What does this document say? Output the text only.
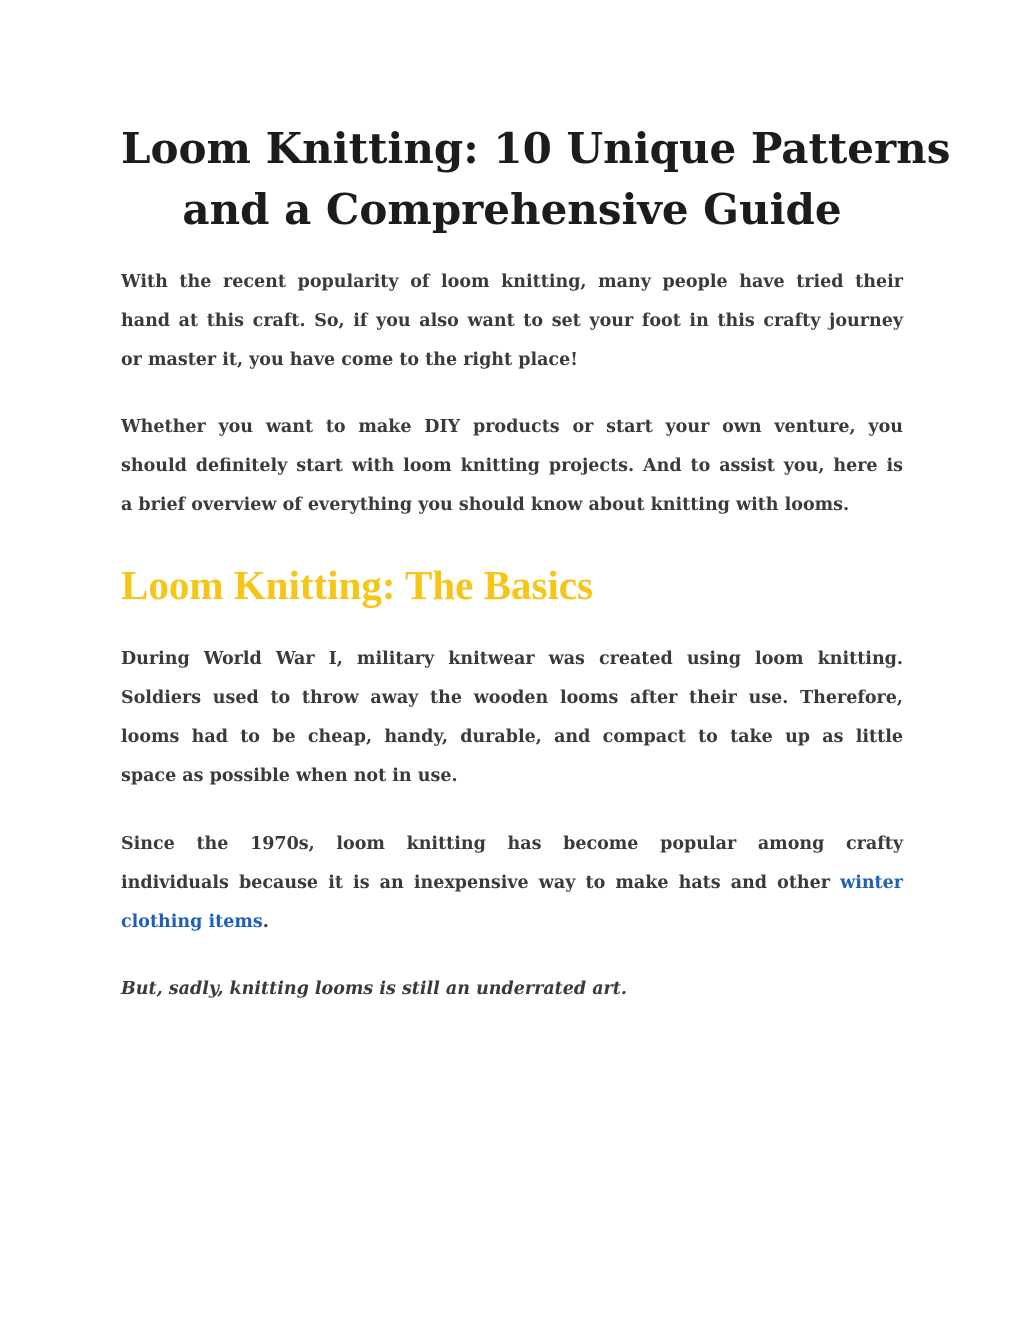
Loom Knitting: 10 Unique Patterns
and a Comprehensive Guide

With the recent popularity of loom knitting, many people have tried their
hand at this craft. So, if you also want to set your foot in this crafty journey
or master it, you have come to the right place!

Whether you want to make DIY products or start your own venture, you
should definitely start with loom knitting projects. And to assist you, here is
a brief overview of everything you should know about knitting with looms.

Loom Knitting: The Basics

During World War I, military knitwear was created using loom knitting.
Soldiers used to throw away the wooden looms after their use. Therefore,
looms had to be cheap, handy, durable, and compact to take up as little
space as possible when not in use.

Since the 1970s, loom knitting has become popular among crafty
individuals because it is an inexpensive way to make hats and other winter
clothing items.

But, sadly, knitting looms is still an underrated art.
